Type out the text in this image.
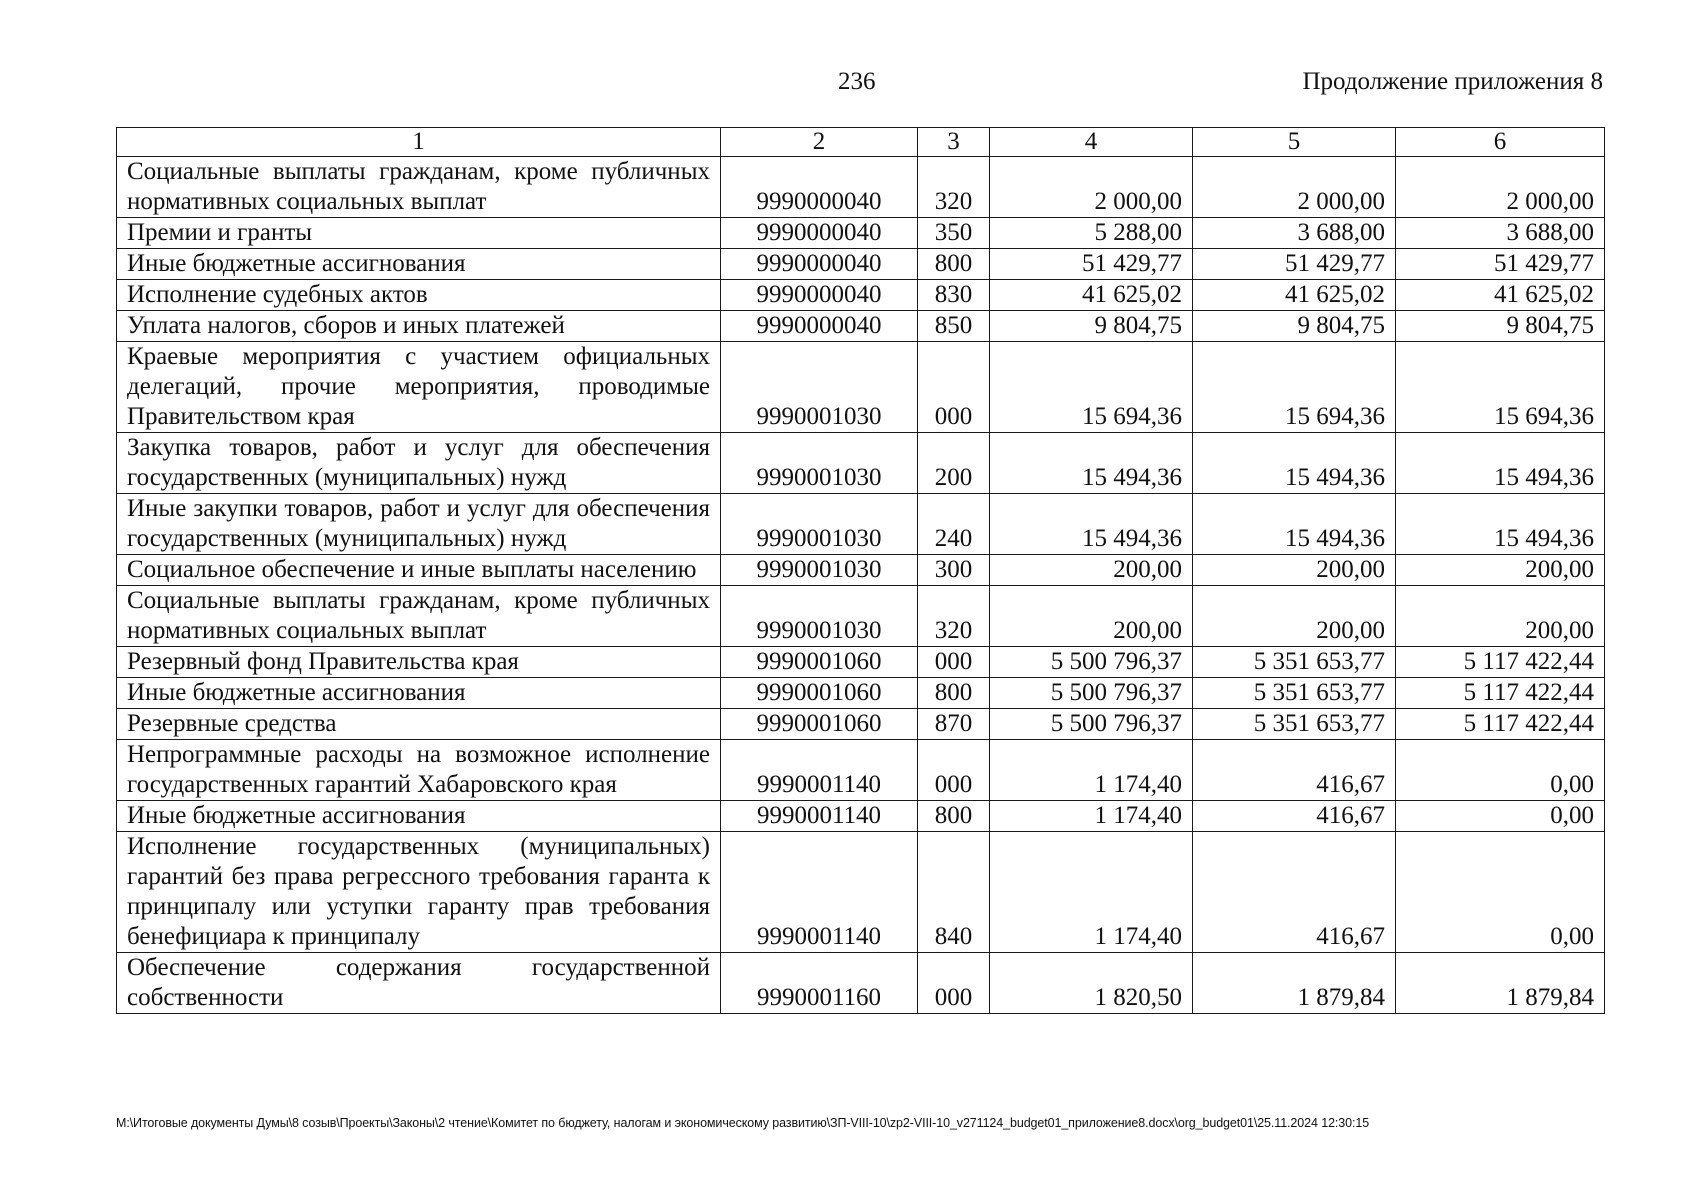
236	Продолжение приложения 8
1	2	3	4	5	6
Социальные выплаты гражданам, кроме публичных нормативных социальных выплат	9990000040	320	2 000,00	2 000,00	2 000,00
Премии и гранты	9990000040	350	5 288,00	3 688,00	3 688,00
Иные бюджетные ассигнования	9990000040	800	51 429,77	51 429,77	51 429,77
Исполнение судебных актов	9990000040	830	41 625,02	41 625,02	41 625,02
Уплата налогов, сборов и иных платежей	9990000040	850	9 804,75	9 804,75	9 804,75
Краевые мероприятия с участием официальных делегаций, прочие мероприятия, проводимые Правительством края	9990001030	000	15 694,36	15 694,36	15 694,36
Закупка товаров, работ и услуг для обеспечения государственных (муниципальных) нужд	9990001030	200	15 494,36	15 494,36	15 494,36
Иные закупки товаров, работ и услуг для обеспечения государственных (муниципальных) нужд	9990001030	240	15 494,36	15 494,36	15 494,36
Социальное обеспечение и иные выплаты населению	9990001030	300	200,00	200,00	200,00
Социальные выплаты гражданам, кроме публичных нормативных социальных выплат	9990001030	320	200,00	200,00	200,00
Резервный фонд Правительства края	9990001060	000	5 500 796,37	5 351 653,77	5 117 422,44
Иные бюджетные ассигнования	9990001060	800	5 500 796,37	5 351 653,77	5 117 422,44
Резервные средства	9990001060	870	5 500 796,37	5 351 653,77	5 117 422,44
Непрограммные расходы на возможное исполнение государственных гарантий Хабаровского края	9990001140	000	1 174,40	416,67	0,00
Иные бюджетные ассигнования	9990001140	800	1 174,40	416,67	0,00
Исполнение государственных (муниципальных) гарантий без права регрессного требования гаранта к принципалу или уступки гаранту прав требования бенефициара к принципалу	9990001140	840	1 174,40	416,67	0,00
Обеспечение содержания государственной собственности	9990001160	000	1 820,50	1 879,84	1 879,84
M:\Итоговые документы Думы\8 созыв\Проекты\Законы\2 чтение\Комитет по бюджету, налогам и экономическому развитию\ЗП-VIII-10\zp2-VIII-10_v271124_budget01_приложение8.docx\org_budget01\25.11.2024 12:30:15
